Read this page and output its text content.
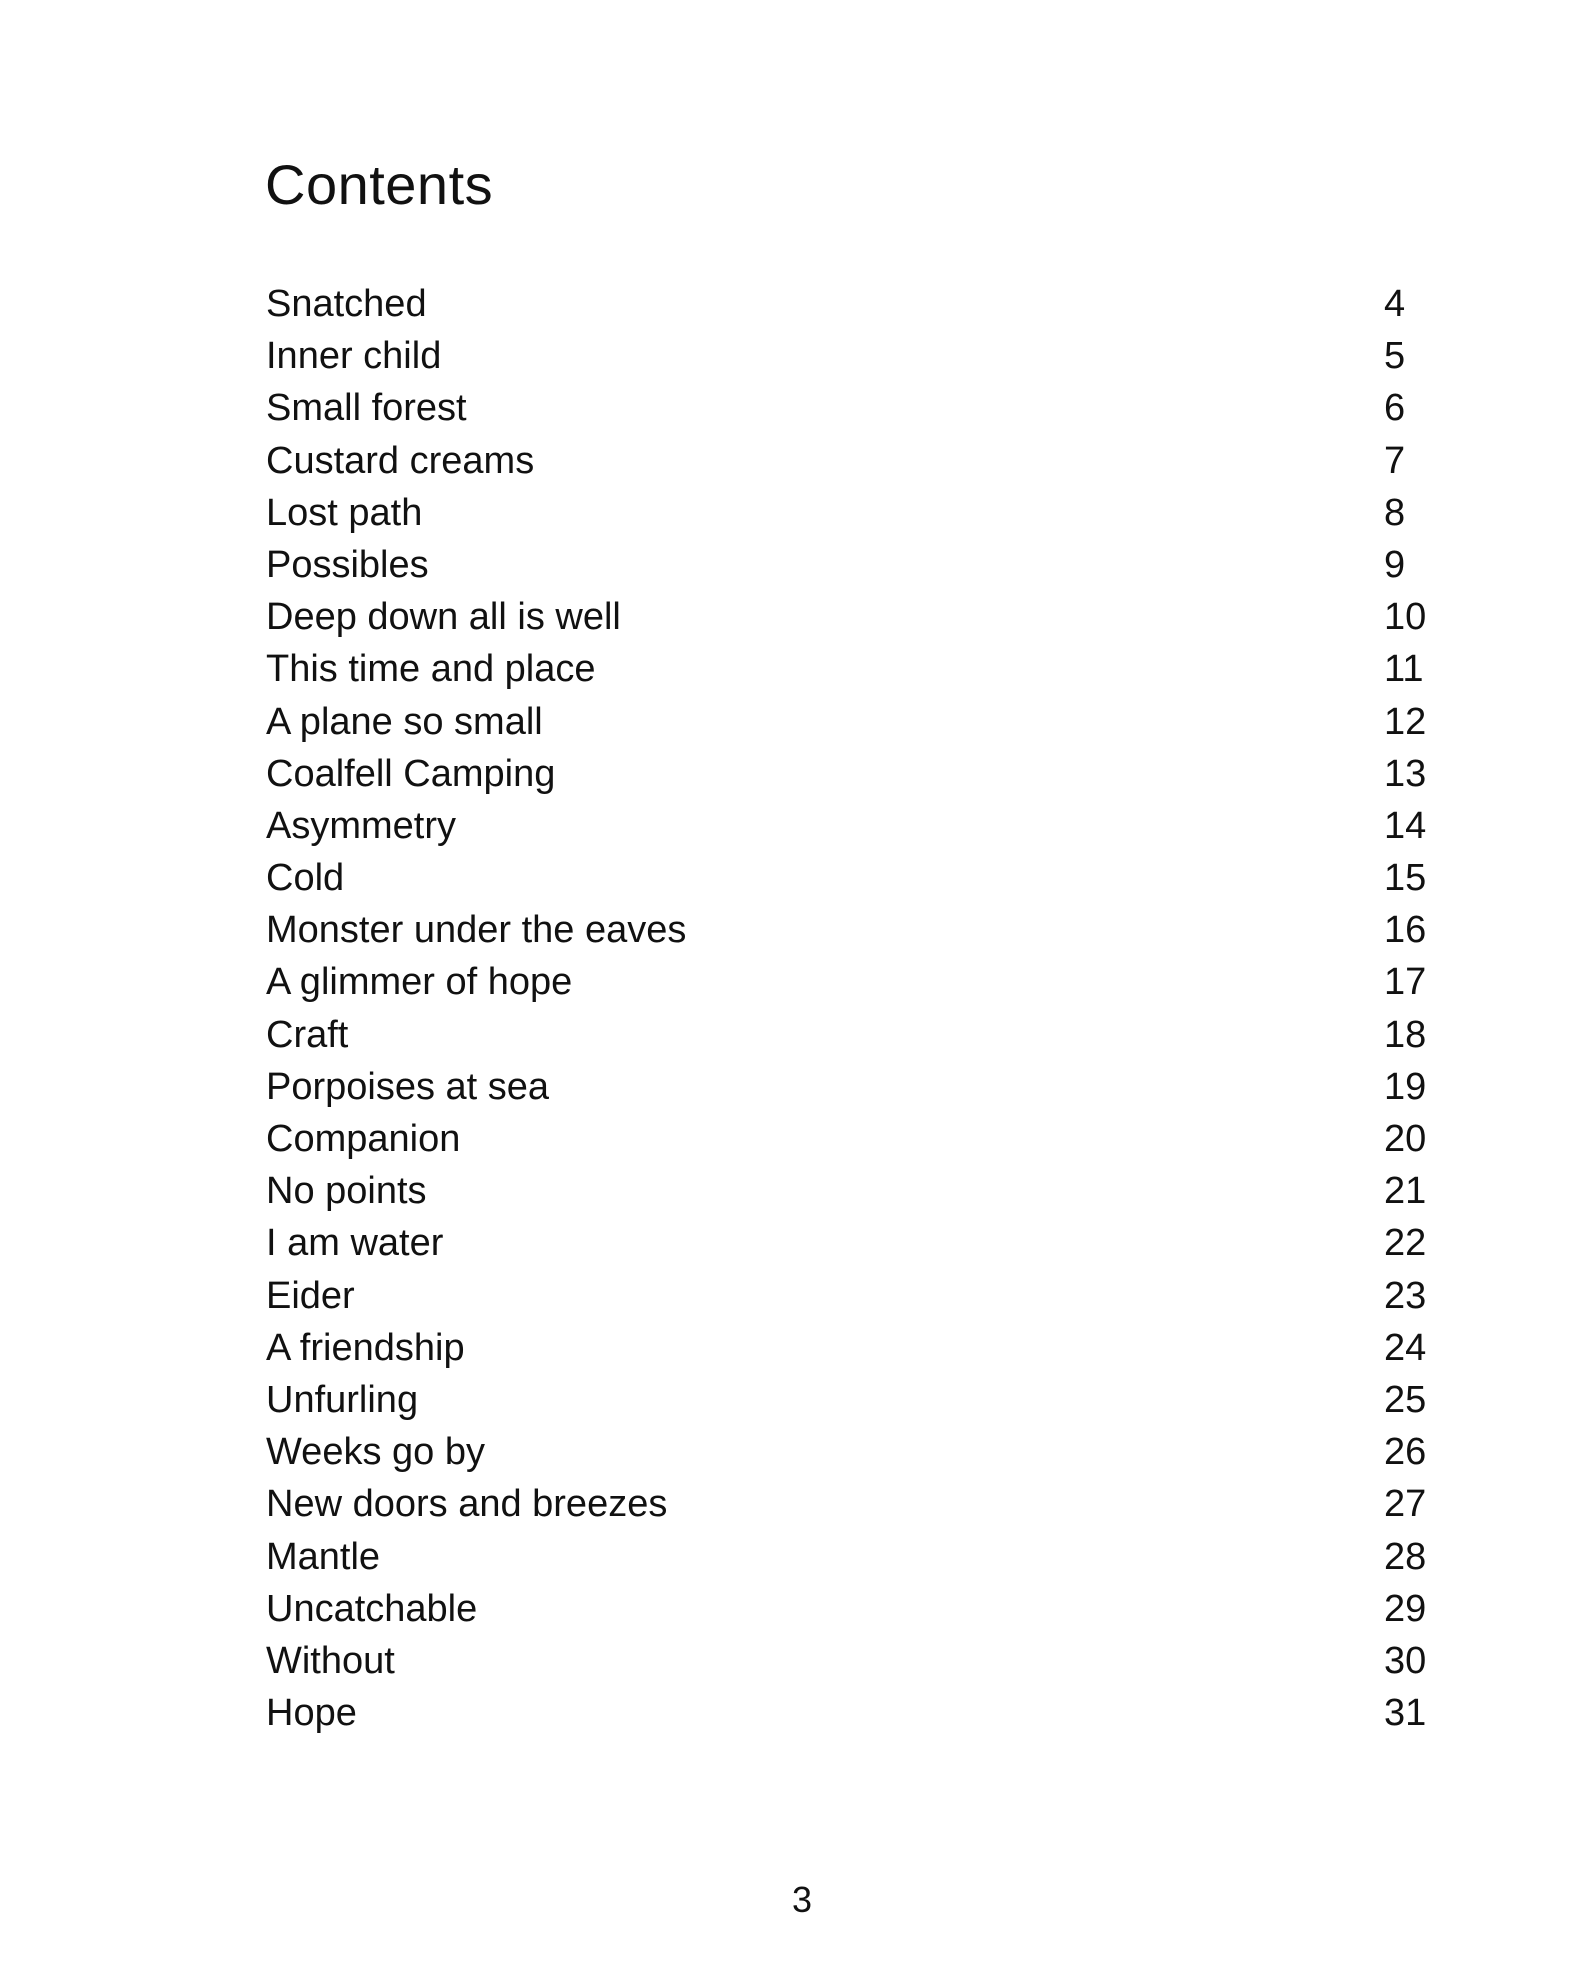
Contents
Snatched	4
Inner child	5
Small forest	6
Custard creams	7
Lost path	8
Possibles	9
Deep down all is well	10
This time and place	11
A plane so small	12
Coalfell Camping	13
Asymmetry	14
Cold	15
Monster under the eaves	16
A glimmer of hope	17
Craft	18
Porpoises at sea	19
Companion	20
No points	21
I am water	22
Eider	23
A friendship	24
Unfurling	25
Weeks go by	26
New doors and breezes	27
Mantle	28
Uncatchable	29
Without	30
Hope	31
3
